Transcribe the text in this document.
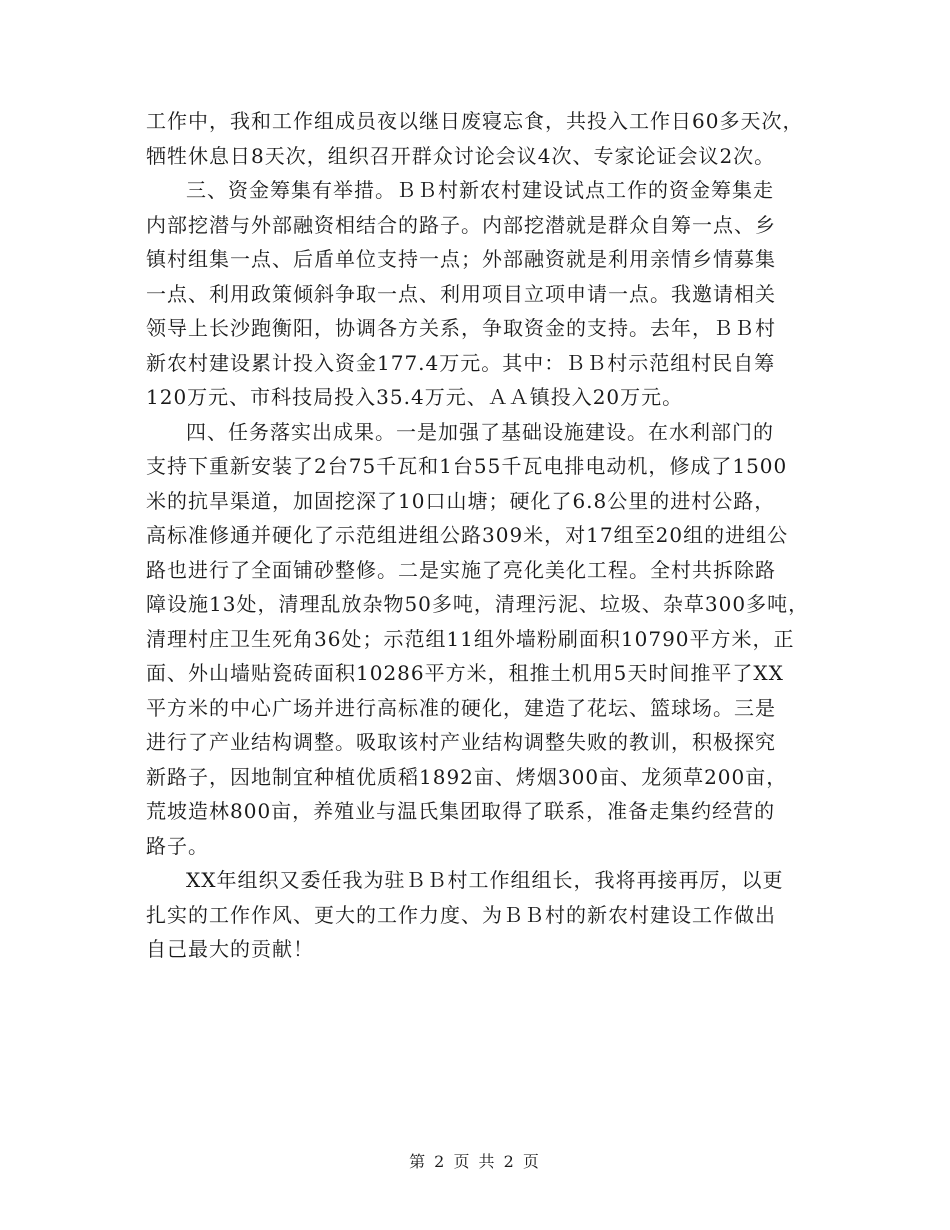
工作中，我和工作组成员夜以继日废寝忘食，共投入工作日60多天次，
牺牲休息日8天次，组织召开群众讨论会议4次、专家论证会议2次。
三、资金筹集有举措。ＢＢ村新农村建设试点工作的资金筹集走
内部挖潜与外部融资相结合的路子。内部挖潜就是群众自筹一点、乡
镇村组集一点、后盾单位支持一点；外部融资就是利用亲情乡情募集
一点、利用政策倾斜争取一点、利用项目立项申请一点。我邀请相关
领导上长沙跑衡阳，协调各方关系，争取资金的支持。去年，ＢＢ村
新农村建设累计投入资金177.4万元。其中：ＢＢ村示范组村民自筹
120万元、市科技局投入35.4万元、ＡＡ镇投入20万元。
四、任务落实出成果。一是加强了基础设施建设。在水利部门的
支持下重新安装了2台75千瓦和1台55千瓦电排电动机，修成了1500
米的抗旱渠道，加固挖深了10口山塘；硬化了6.8公里的进村公路，
高标准修通并硬化了示范组进组公路309米，对17组至20组的进组公
路也进行了全面铺砂整修。二是实施了亮化美化工程。全村共拆除路
障设施13处，清理乱放杂物50多吨，清理污泥、垃圾、杂草300多吨，
清理村庄卫生死角36处；示范组11组外墙粉刷面积10790平方米，正
面、外山墙贴瓷砖面积10286平方米，租推土机用5天时间推平了XX
平方米的中心广场并进行高标准的硬化，建造了花坛、篮球场。三是
进行了产业结构调整。吸取该村产业结构调整失败的教训，积极探究
新路子，因地制宜种植优质稻1892亩、烤烟300亩、龙须草200亩，
荒坡造林800亩，养殖业与温氏集团取得了联系，准备走集约经营的
路子。
XX年组织又委任我为驻ＢＢ村工作组组长，我将再接再厉，以更
扎实的工作作风、更大的工作力度、为ＢＢ村的新农村建设工作做出
自己最大的贡献！
第 2 页 共 2 页
